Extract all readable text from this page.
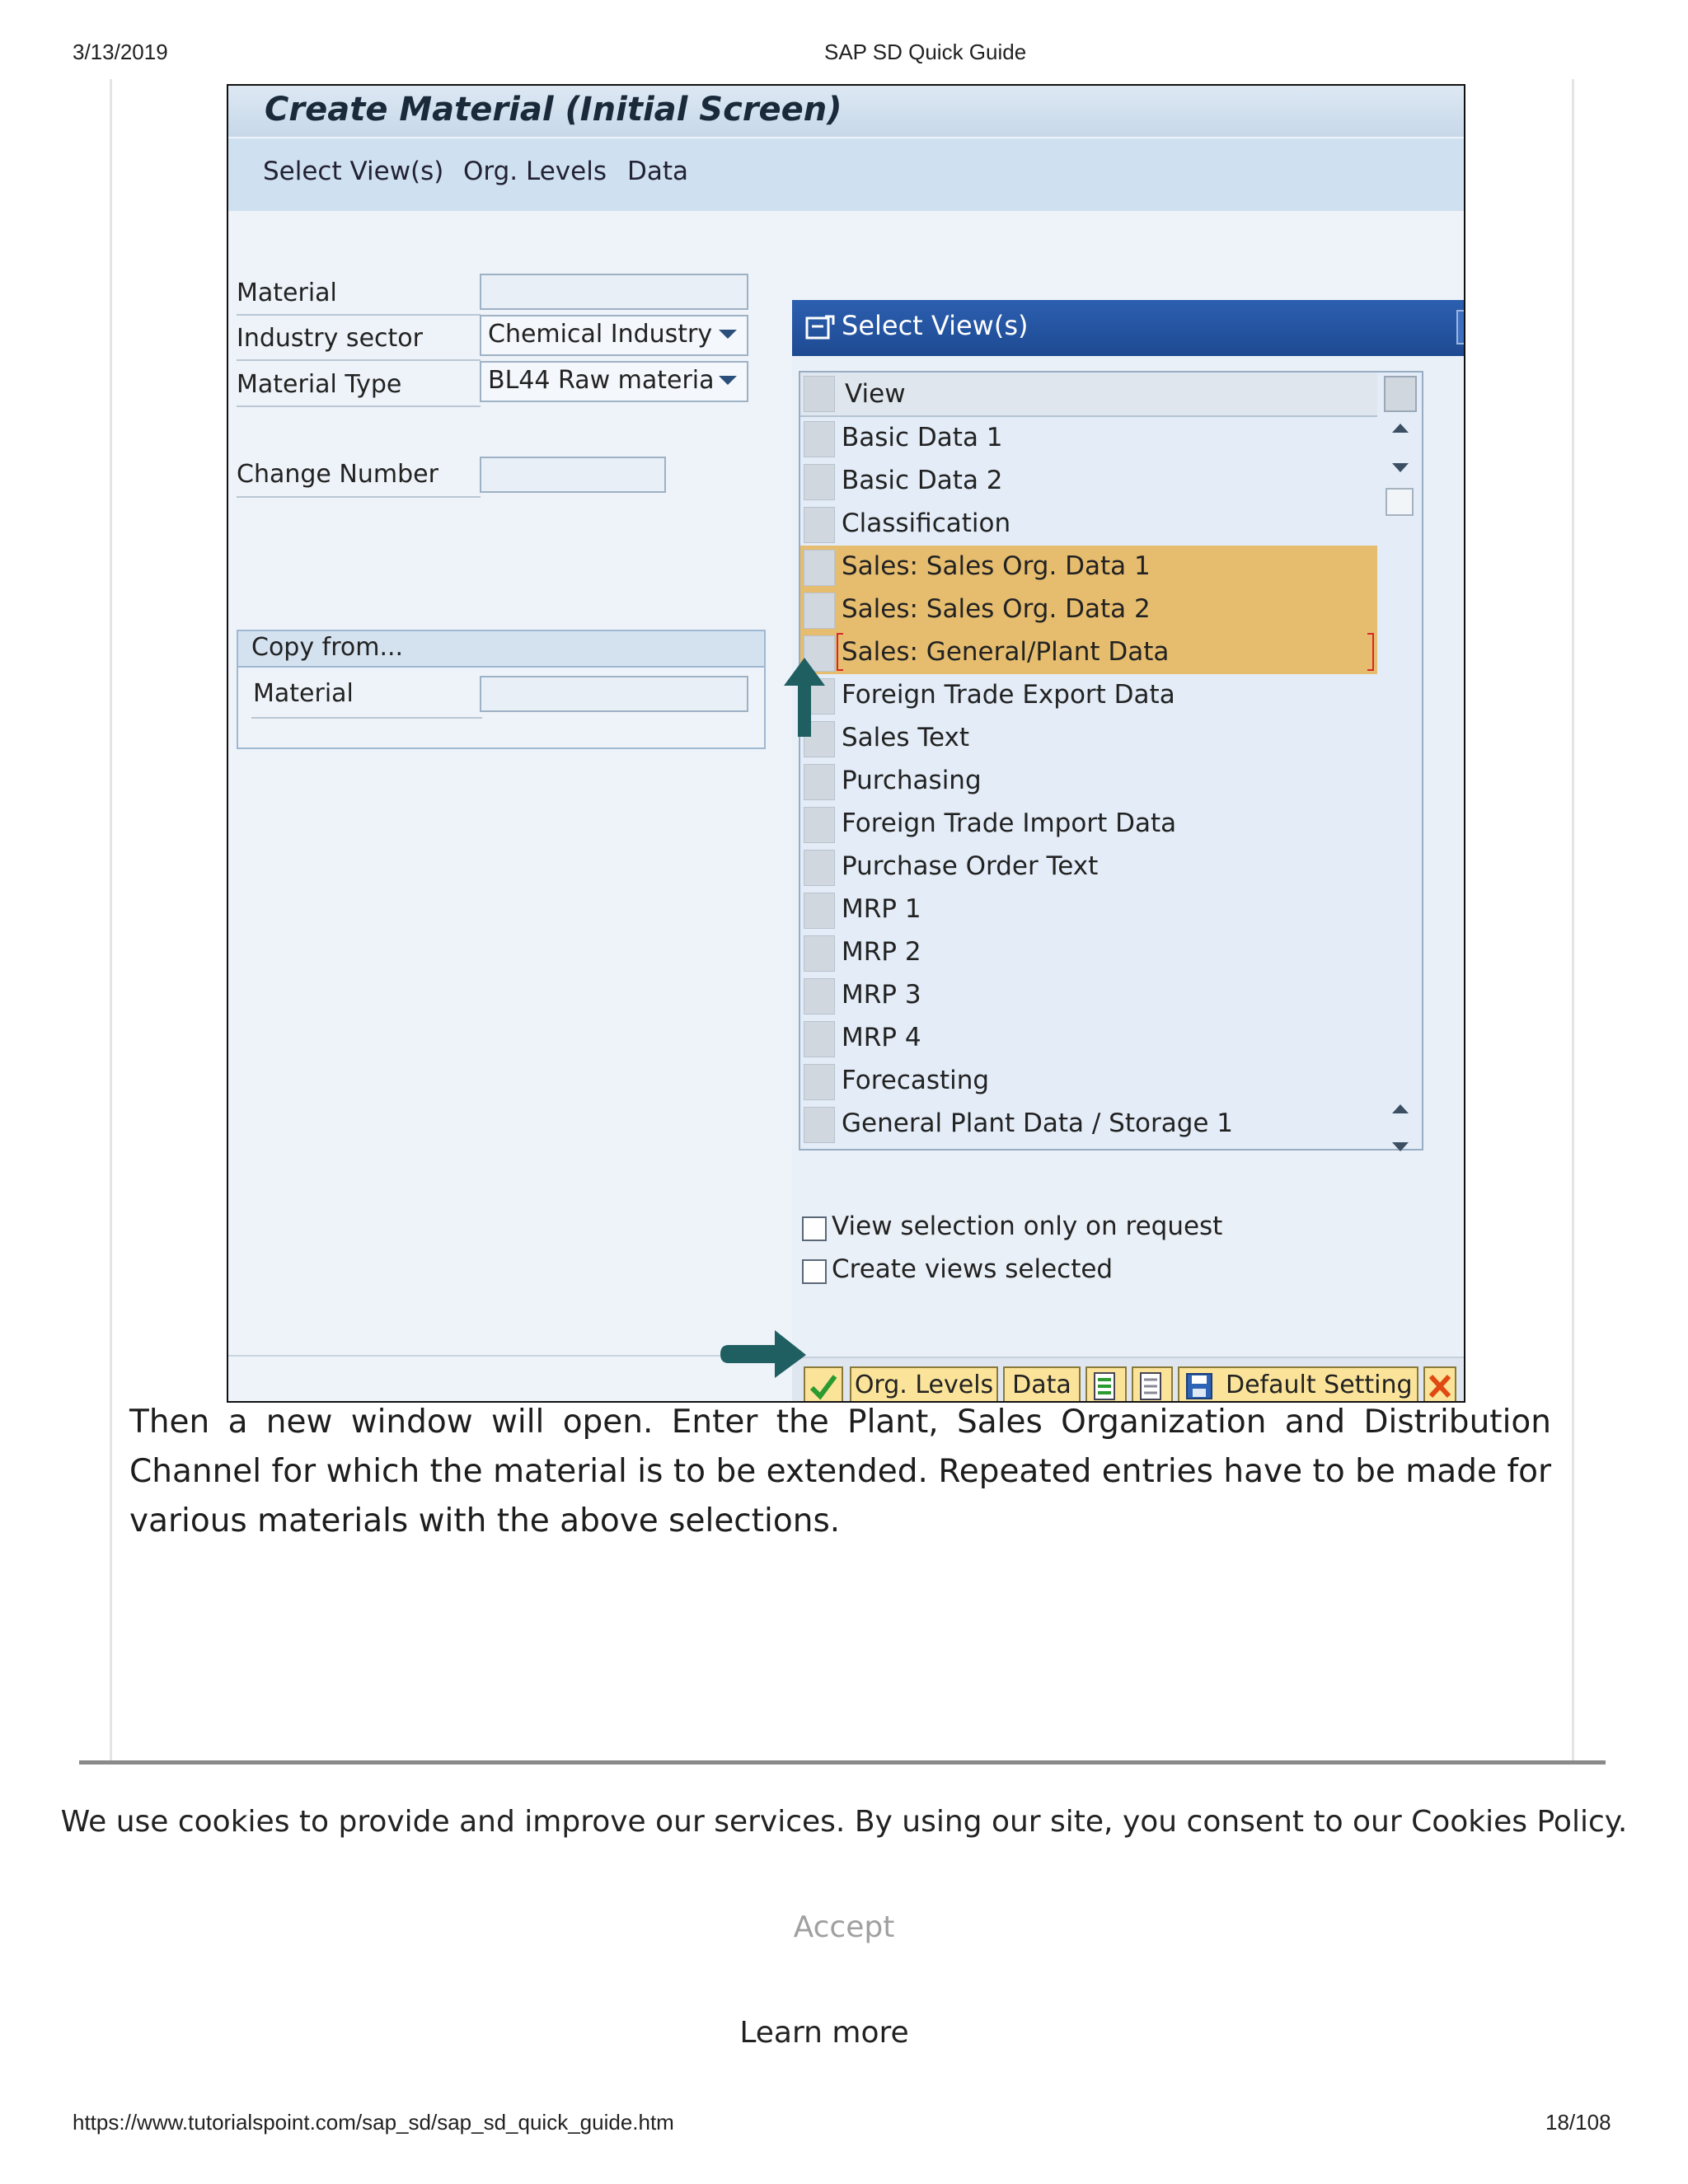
3/13/2019	SAP SD Quick Guide
Create Material (Initial Screen)
Select View(s) Org. Levels Data
Material
Industry sector	Chemical Industry
Material Type	BL44 Raw materia
Change Number
Copy from...
Material
Select View(s)
View
Basic Data 1
Basic Data 2
Classification
Sales: Sales Org. Data 1
Sales: Sales Org. Data 2
Sales: General/Plant Data
Foreign Trade Export Data
Sales Text
Purchasing
Foreign Trade Import Data
Purchase Order Text
MRP 1
MRP 2
MRP 3
MRP 4
Forecasting
General Plant Data / Storage 1
View selection only on request
Create views selected
Org. Levels Data	Default Setting
Then a new window will open. Enter the Plant, Sales Organization and Distribution Channel for which the material is to be extended. Repeated entries have to be made for various materials with the above selections.
We use cookies to provide and improve our services. By using our site, you consent to our Cookies Policy.
Accept
Learn more
https://www.tutorialspoint.com/sap_sd/sap_sd_quick_guide.htm	18/108
